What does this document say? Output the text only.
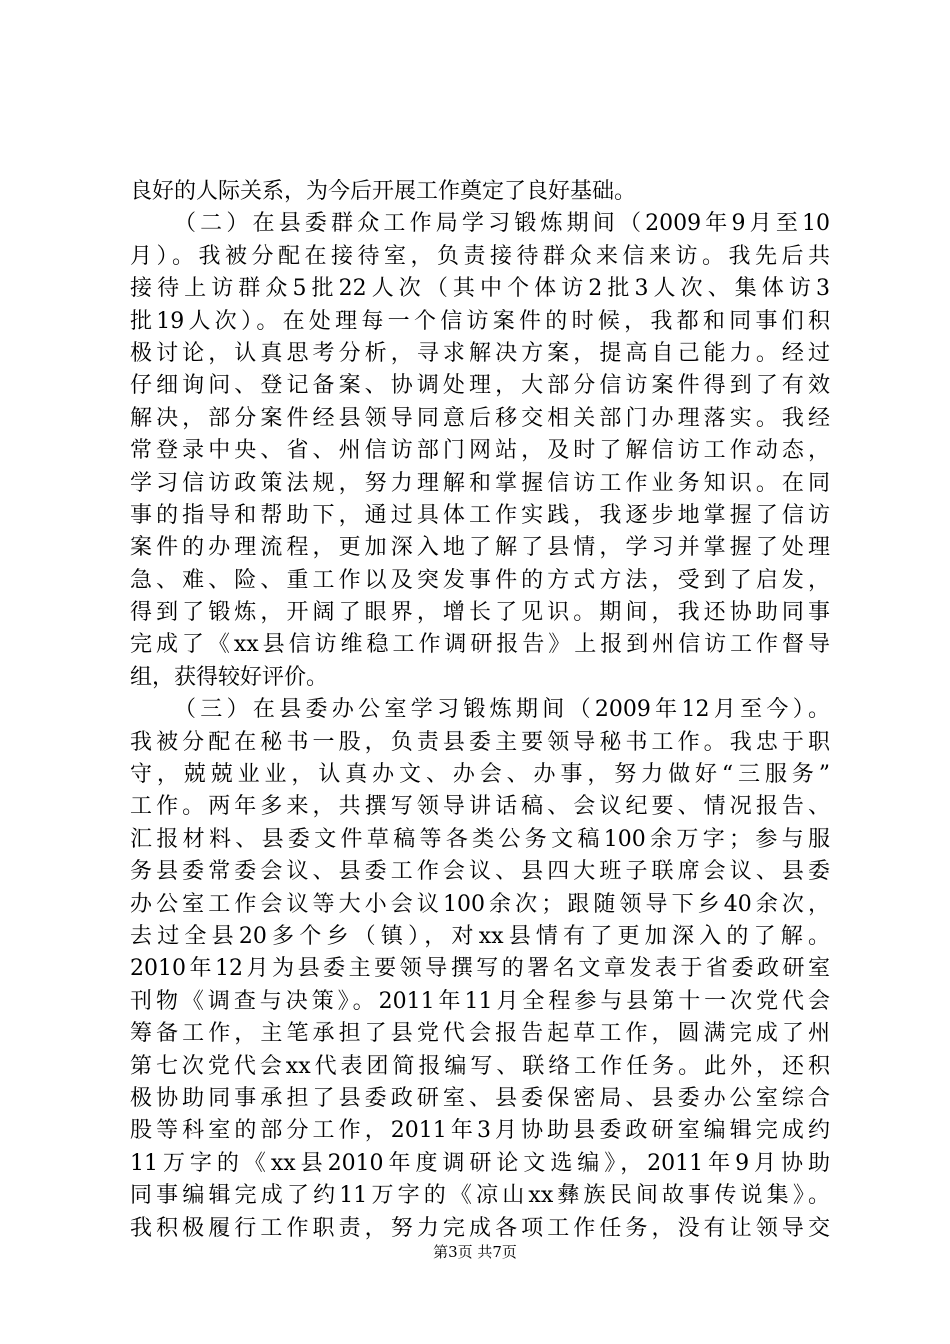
良好的人际关系，为今后开展工作奠定了良好基础。
（二）在县委群众工作局学习锻炼期间（2009年9月至10
月）。我被分配在接待室，负责接待群众来信来访。我先后共
接待上访群众5批22人次（其中个体访2批3人次、集体访3
批19人次）。在处理每一个信访案件的时候，我都和同事们积
极讨论，认真思考分析，寻求解决方案，提高自己能力。经过
仔细询问、登记备案、协调处理，大部分信访案件得到了有效
解决，部分案件经县领导同意后移交相关部门办理落实。我经
常登录中央、省、州信访部门网站，及时了解信访工作动态，
学习信访政策法规，努力理解和掌握信访工作业务知识。在同
事的指导和帮助下，通过具体工作实践，我逐步地掌握了信访
案件的办理流程，更加深入地了解了县情，学习并掌握了处理
急、难、险、重工作以及突发事件的方式方法，受到了启发，
得到了锻炼，开阔了眼界，增长了见识。期间，我还协助同事
完成了《xx县信访维稳工作调研报告》上报到州信访工作督导
组，获得较好评价。
（三）在县委办公室学习锻炼期间（2009年12月至今）。
我被分配在秘书一股，负责县委主要领导秘书工作。我忠于职
守，兢兢业业，认真办文、办会、办事，努力做好“三服务”
工作。两年多来，共撰写领导讲话稿、会议纪要、情况报告、
汇报材料、县委文件草稿等各类公务文稿100余万字；参与服
务县委常委会议、县委工作会议、县四大班子联席会议、县委
办公室工作会议等大小会议100余次；跟随领导下乡40余次，
去过全县20多个乡（镇），对xx县情有了更加深入的了解。
2010年12月为县委主要领导撰写的署名文章发表于省委政研室
刊物《调查与决策》。2011年11月全程参与县第十一次党代会
筹备工作，主笔承担了县党代会报告起草工作，圆满完成了州
第七次党代会xx代表团简报编写、联络工作任务。此外，还积
极协助同事承担了县委政研室、县委保密局、县委办公室综合
股等科室的部分工作，2011年3月协助县委政研室编辑完成约
11万字的《xx县2010年度调研论文选编》，2011年9月协助
同事编辑完成了约11万字的《凉山xx彝族民间故事传说集》。
我积极履行工作职责，努力完成各项工作任务，没有让领导交
第3页 共7页
